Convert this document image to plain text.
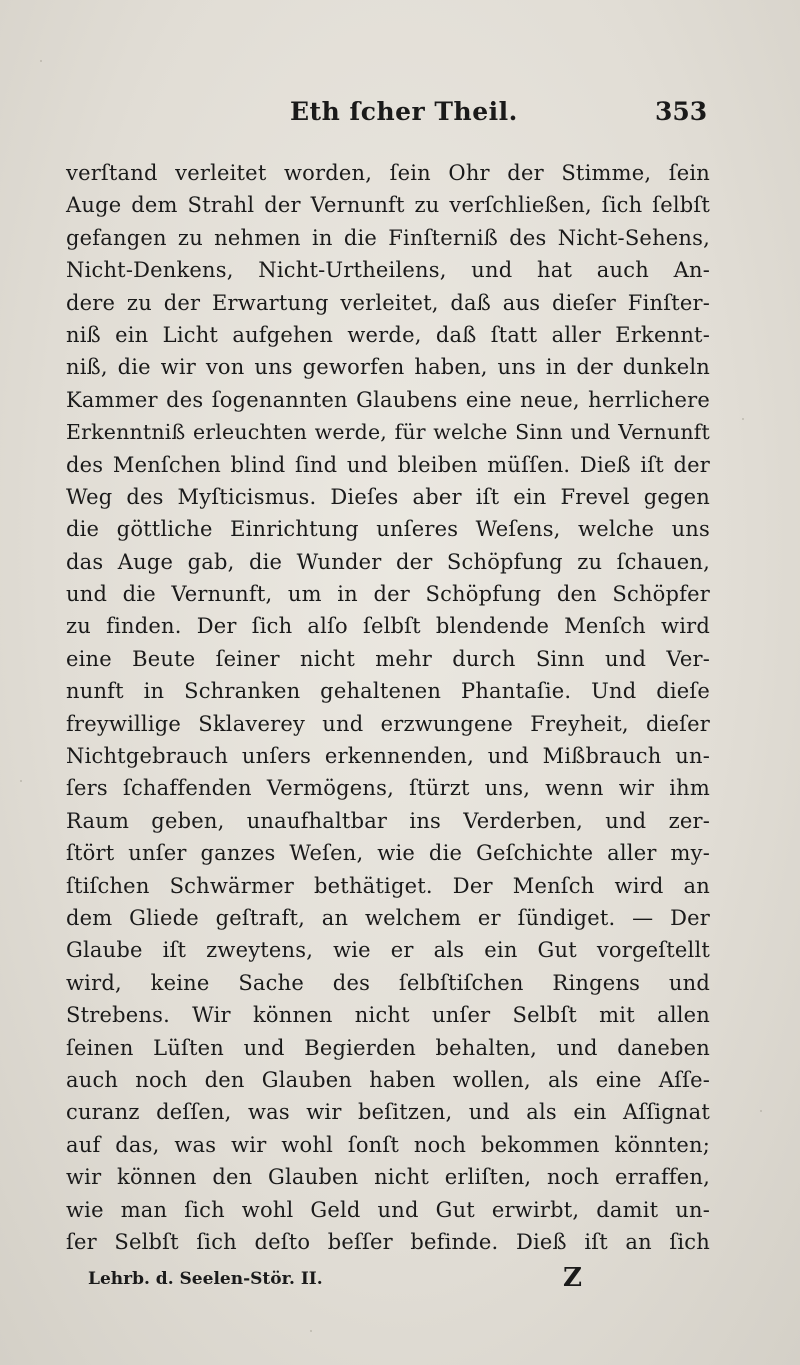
Eth ſcher Theil.	353
verſtand verleitet worden, ſein Ohr der Stimme, ſein
Auge dem Strahl der Vernunft zu verſchließen, ſich ſelbſt
gefangen zu nehmen in die Finſterniß des Nicht-Sehens,
Nicht-Denkens, Nicht-Urtheilens, und hat auch An-
dere zu der Erwartung verleitet, daß aus dieſer Finſter-
niß ein Licht aufgehen werde, daß ſtatt aller Erkennt-
niß, die wir von uns geworfen haben, uns in der dunkeln
Kammer des ſogenannten Glaubens eine neue, herrlichere
Erkenntniß erleuchten werde, für welche Sinn und Vernunft
des Menſchen blind ſind und bleiben müſſen. Dieß iſt der
Weg des Myſticismus. Dieſes aber iſt ein Frevel gegen
die göttliche Einrichtung unſeres Weſens, welche uns
das Auge gab, die Wunder der Schöpfung zu ſchauen,
und die Vernunft, um in der Schöpfung den Schöpfer
zu finden. Der ſich alſo ſelbſt blendende Menſch wird
eine Beute ſeiner nicht mehr durch Sinn und Ver-
nunft in Schranken gehaltenen Phantaſie. Und dieſe
freywillige Sklaverey und erzwungene Freyheit, dieſer
Nichtgebrauch unſers erkennenden, und Mißbrauch un-
ſers ſchaffenden Vermögens, ſtürzt uns, wenn wir ihm
Raum geben, unaufhaltbar ins Verderben, und zer-
ſtört unſer ganzes Weſen, wie die Geſchichte aller my-
ſtiſchen Schwärmer bethätiget. Der Menſch wird an
dem Gliede geſtraft, an welchem er ſündiget. — Der
Glaube iſt zweytens, wie er als ein Gut vorgeſtellt
wird, keine Sache des ſelbſtiſchen Ringens und
Strebens. Wir können nicht unſer Selbſt mit allen
ſeinen Lüſten und Begierden behalten, und daneben
auch noch den Glauben haben wollen, als eine Aſſe-
curanz deſſen, was wir beſitzen, und als ein Aſſignat
auf das, was wir wohl ſonſt noch bekommen könnten;
wir können den Glauben nicht erliſten, noch erraffen,
wie man ſich wohl Geld und Gut erwirbt, damit un-
ſer Selbſt ſich deſto beſſer befinde. Dieß iſt an ſich
Lehrb. d. Seelen-Stör. II.	Z
